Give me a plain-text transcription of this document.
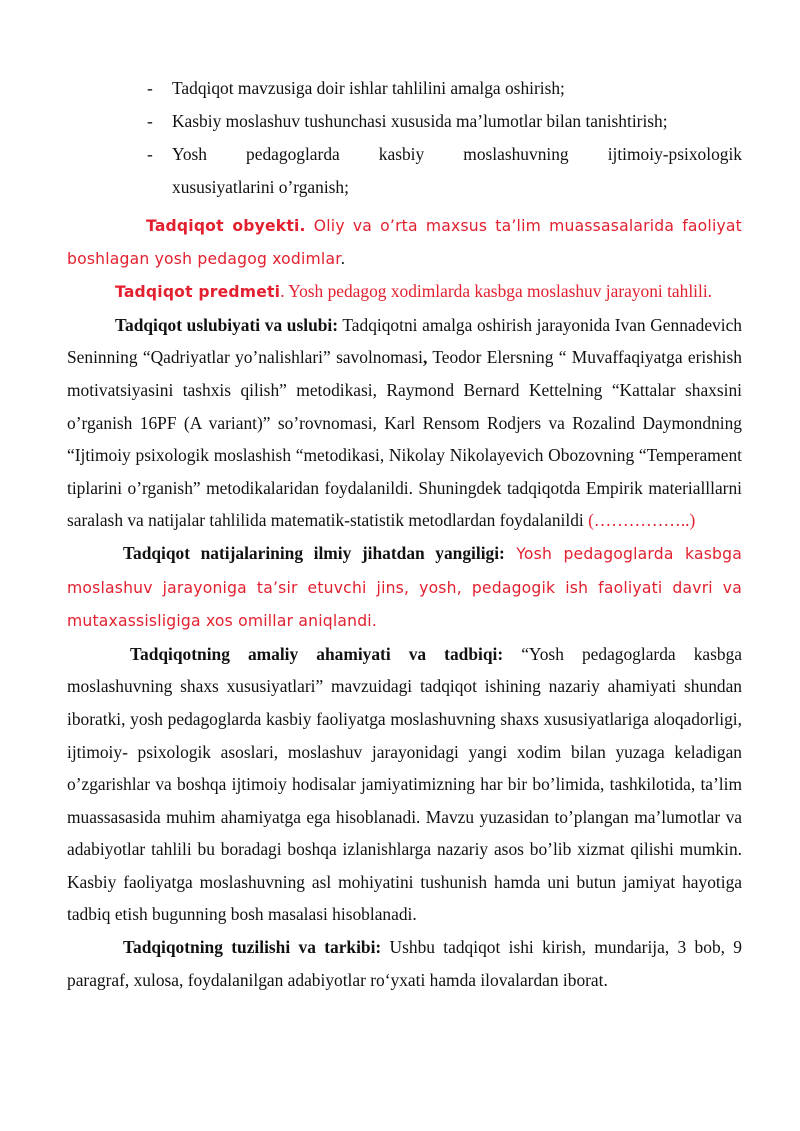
- Tadqiqot mavzusiga doir ishlar tahlilini amalga oshirish;
- Kasbiy moslashuv tushunchasi xususida ma’lumotlar bilan tanishtirish;
- Yosh pedagoglarda kasbiy moslashuvning ijtimoiy-psixologik
xususiyatlarini o’rganish;

Tadqiqot obyekti. Oliy va o’rta maxsus ta’lim muassasalarida faoliyat boshlagan yosh pedagog xodimlar.

Tadqiqot predmeti. Yosh pedagog xodimlarda kasbga moslashuv jarayoni tahlili.

Tadqiqot uslubiyati va uslubi: Tadqiqotni amalga oshirish jarayonida Ivan Gennadevich Seninning “Qadriyatlar yo’nalishlari” savolnomasi, Teodor Elersning “ Muvaffaqiyatga erishish motivatsiyasini tashxis qilish” metodikasi, Raymond Bernard Kettelning “Kattalar shaxsini o’rganish 16PF (A variant)” so’rovnomasi, Karl Rensom Rodjers va Rozalind Daymondning “Ijtimoiy psixologik moslashish “metodikasi, Nikolay Nikolayevich Obozovning “Temperament tiplarini o’rganish” metodikalaridan foydalanildi. Shuningdek tadqiqotda Empirik materialllarni saralash va natijalar tahlilida matematik-statistik metodlardan foydalanildi (……………..)

Tadqiqot natijalarining ilmiy jihatdan yangiligi: Yosh pedagoglarda kasbga moslashuv jarayoniga ta’sir etuvchi jins, yosh, pedagogik ish faoliyati davri va mutaxassisligiga xos omillar aniqlandi.

Tadqiqotning amaliy ahamiyati va tadbiqi: “Yosh pedagoglarda kasbga moslashuvning shaxs xususiyatlari” mavzuidagi tadqiqot ishining nazariy ahamiyati shundan iboratki, yosh pedagoglarda kasbiy faoliyatga moslashuvning shaxs xususiyatlariga aloqadorligi, ijtimoiy- psixologik asoslari, moslashuv jarayonidagi yangi xodim bilan yuzaga keladigan o’zgarishlar va boshqa ijtimoiy hodisalar jamiyatimizning har bir bo’limida, tashkilotida, ta’lim muassasasida muhim ahamiyatga ega hisoblanadi. Mavzu yuzasidan to’plangan ma’lumotlar va adabiyotlar tahlili bu boradagi boshqa izlanishlarga nazariy asos bo’lib xizmat qilishi mumkin. Kasbiy faoliyatga moslashuvning asl mohiyatini tushunish hamda uni butun jamiyat hayotiga tadbiq etish bugunning bosh masalasi hisoblanadi.

Tadqiqotning tuzilishi va tarkibi: Ushbu tadqiqot ishi kirish, mundarija, 3 bob, 9 paragraf, xulosa, foydalanilgan adabiyotlar ro‘yxati hamda ilovalardan iborat.
